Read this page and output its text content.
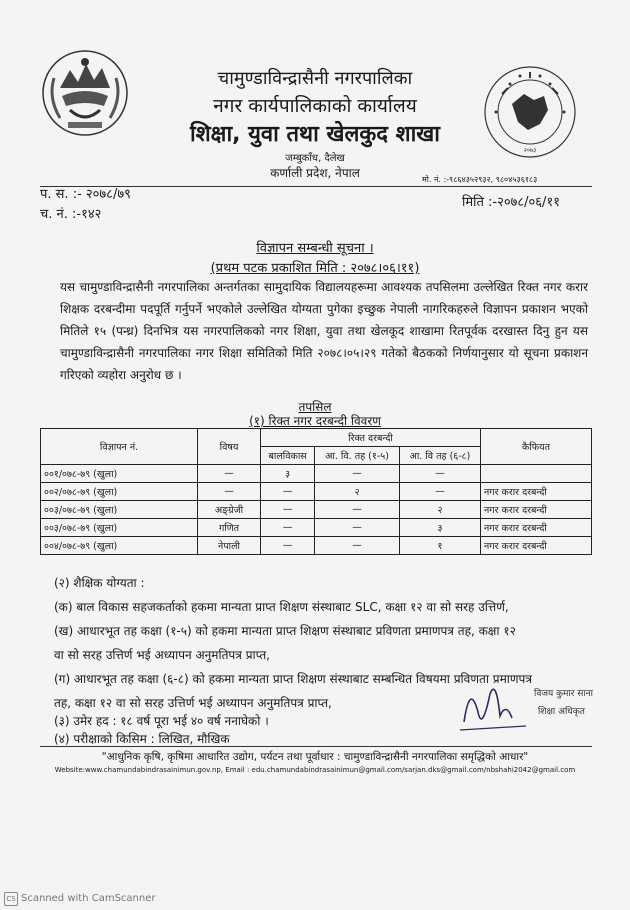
२०७३
चामुण्डाविन्द्रासैनी नगरपालिका
नगर कार्यपालिकाको कार्यालय
शिक्षा, युवा तथा खेलकुद शाखा
जम्बुकाँध, दैलेख
कर्णाली प्रदेश, नेपाल	मो. नं. :-९८६४३५२९३२, ९८०४५३६१८३
प. स. :- २०७८/७९
च. नं. :-१४२
मिति :-२०७८/०६/११
विज्ञापन सम्बन्धी सूचना ।
(प्रथम पटक प्रकाशित मिति : २०७८।०६।११)
यस चामुण्डाविन्द्रासैनी नगरपालिका अन्तर्गतका सामुदायिक विद्यालयहरूमा आवश्यक तपसिलमा उल्लेखित रिक्त नगर करार शिक्षक दरबन्दीमा पदपूर्ति गर्नुपर्ने भएकोले उल्लेखित योग्यता पुगेका इच्छुक नेपाली नागरिकहरुले विज्ञापन प्रकाशन भएको मितिले १५ (पन्ध्र) दिनभित्र यस नगरपालिकको नगर शिक्षा, युवा तथा खेलकूद शाखामा रितपूर्वक दरखास्त दिनु हुन यस चामुण्डाविन्द्रासैनी नगरपालिका नगर शिक्षा समितिको मिति २०७८।०५।२९ गतेको बैठकको निर्णयानुसार यो सूचना प्रकाशन गरिएको व्यहोरा अनुरोध छ ।
तपसिल
(१) रिक्त नगर दरबन्दी विवरण
विज्ञापन नं.	विषय	रिक्त दरबन्दी			कैफियत
		बालविकास	आ. वि. तह (१-५)	आ. वि तह (६-८)	
००१/०७८-७९ (खुला)	—	३	—	—	
००२/०७८-७९ (खुला)	—	—	२	—	नगर करार दरबन्दी
००३/०७८-७९ (खुला)	अङ्ग्रेजी	—	—	२	नगर करार दरबन्दी
००३/०७८-७९ (खुला)	गणित	—	—	३	नगर करार दरबन्दी
००४/०७८-७९ (खुला)	नेपाली	—	—	१	नगर करार दरबन्दी
(२) शैक्षिक योग्यता :
(क) बाल विकास सहजकर्ताको हकमा मान्यता प्राप्त शिक्षण संस्थाबाट SLC, कक्षा १२ वा सो सरह उत्तिर्ण,
(ख) आधारभूत तह कक्षा (१-५) को हकमा मान्यता प्राप्त शिक्षण संस्थाबाट प्रविणता प्रमाणपत्र तह, कक्षा १२
वा सो सरह उत्तिर्ण भई अध्यापन अनुमतिपत्र प्राप्त,
(ग) आधारभूत तह कक्षा (६-८) को हकमा मान्यता प्राप्त शिक्षण संस्थाबाट सम्बन्धित विषयमा प्रविणता प्रमाणपत्र
तह, कक्षा १२ वा सो सरह उत्तिर्ण भई अध्यापन अनुमतिपत्र प्राप्त,
(३) उमेर हद : १८ वर्ष पूरा भई ४० वर्ष ननाघेको ।
(४) परीक्षाको किसिम : लिखित, मौखिक
विजय कुमार साना
शिक्षा अधिकृत
"आधुनिक कृषि, कृषिमा आधारित उद्योग, पर्यटन तथा पूर्वाधार : चामुण्डाविन्द्रासैनी नगरपालिका समृद्धिको आधार"
Website:www.chamundabindrasainimun.gov.np, Email : edu.chamundabindrasainimun@gmail.com/sarjan.dks@gmail.com/nbshahi2042@gmail.com
CS Scanned with CamScanner
